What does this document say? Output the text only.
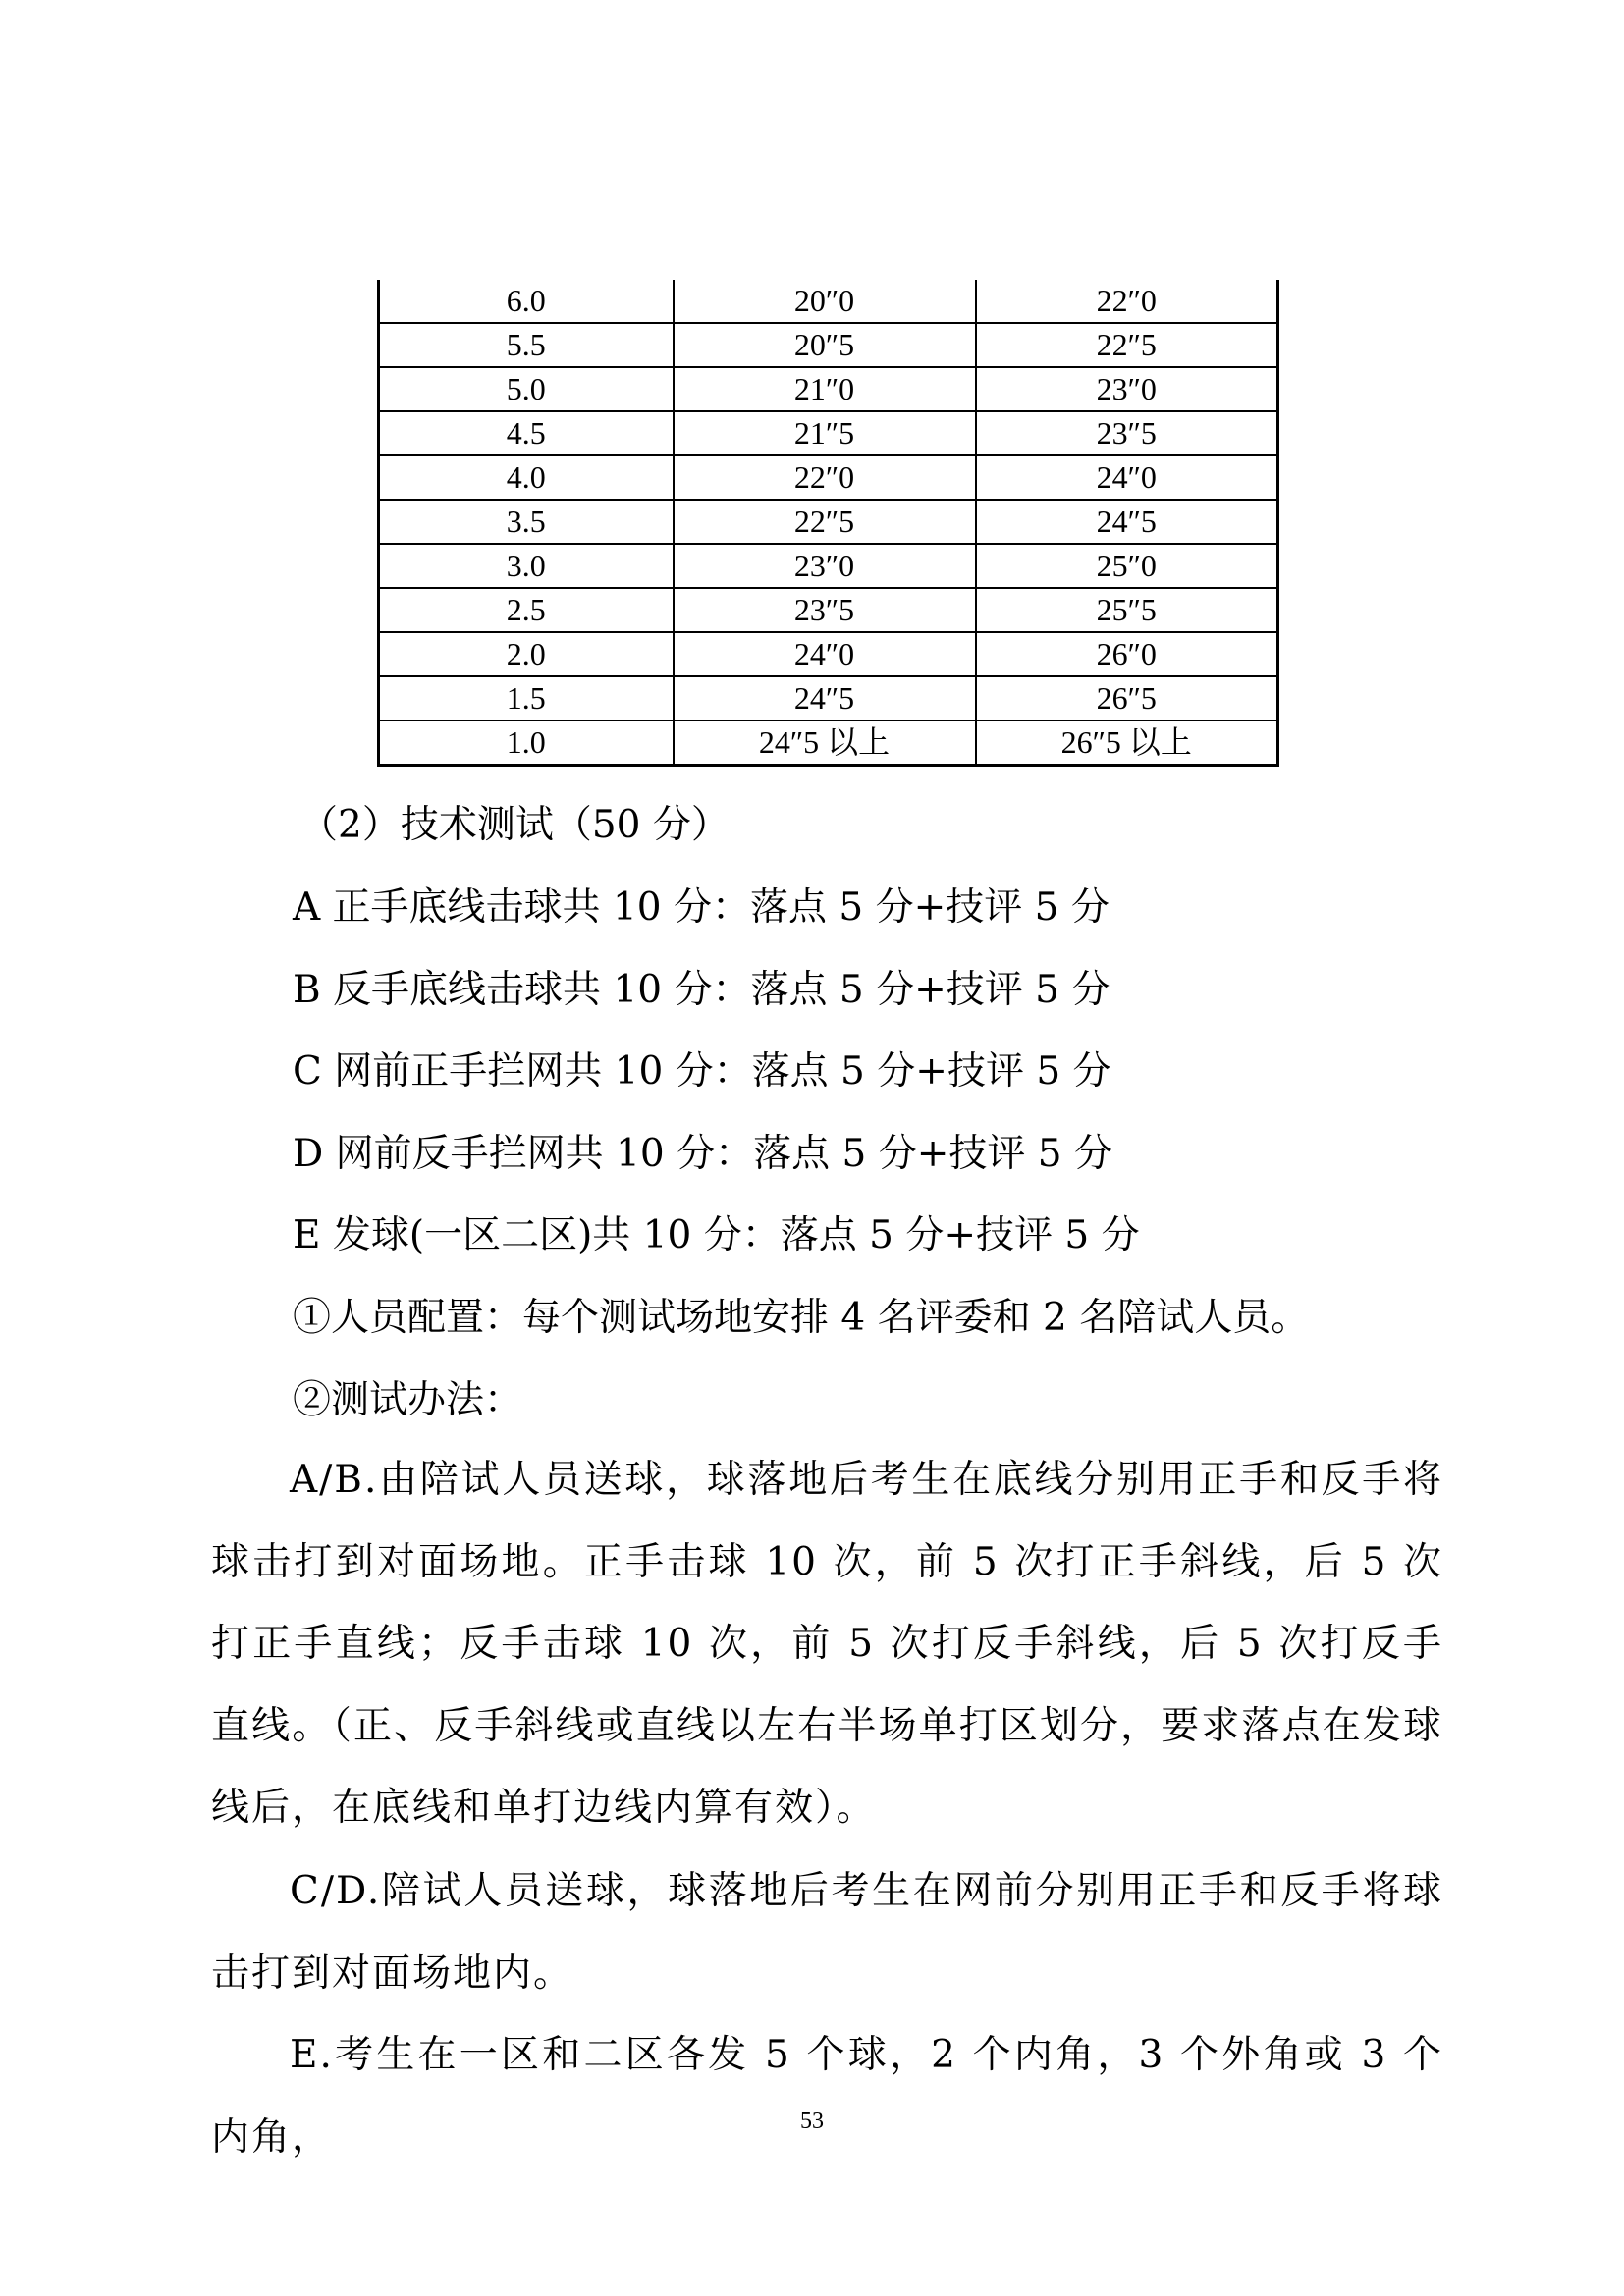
6.0	20″0	22″0
5.5	20″5	22″5
5.0	21″0	23″0
4.5	21″5	23″5
4.0	22″0	24″0
3.5	22″5	24″5
3.0	23″0	25″0
2.5	23″5	25″5
2.0	24″0	26″0
1.5	24″5	26″5
1.0	24″5 以上	26″5 以上

（2）技术测试（50 分）

A 正手底线击球共 10 分：落点 5 分+技评 5 分

B 反手底线击球共 10 分：落点 5 分+技评 5 分

C 网前正手拦网共 10 分：落点 5 分+技评 5 分

D 网前反手拦网共 10 分：落点 5 分+技评 5 分

E 发球(一区二区)共 10 分：落点 5 分+技评 5 分

①人员配置：每个测试场地安排 4 名评委和 2 名陪试人员。

②测试办法：

A/B.由陪试人员送球，球落地后考生在底线分别用正手和反手将球击打到对面场地。正手击球 10 次，前 5 次打正手斜线，后 5 次打正手直线；反手击球 10 次，前 5 次打反手斜线，后 5 次打反手直线。（正、反手斜线或直线以左右半场单打区划分，要求落点在发球线后，在底线和单打边线内算有效）。

C/D.陪试人员送球，球落地后考生在网前分别用正手和反手将球击打到对面场地内。

E.考生在一区和二区各发 5 个球，2 个内角，3 个外角或 3 个内角，	53
